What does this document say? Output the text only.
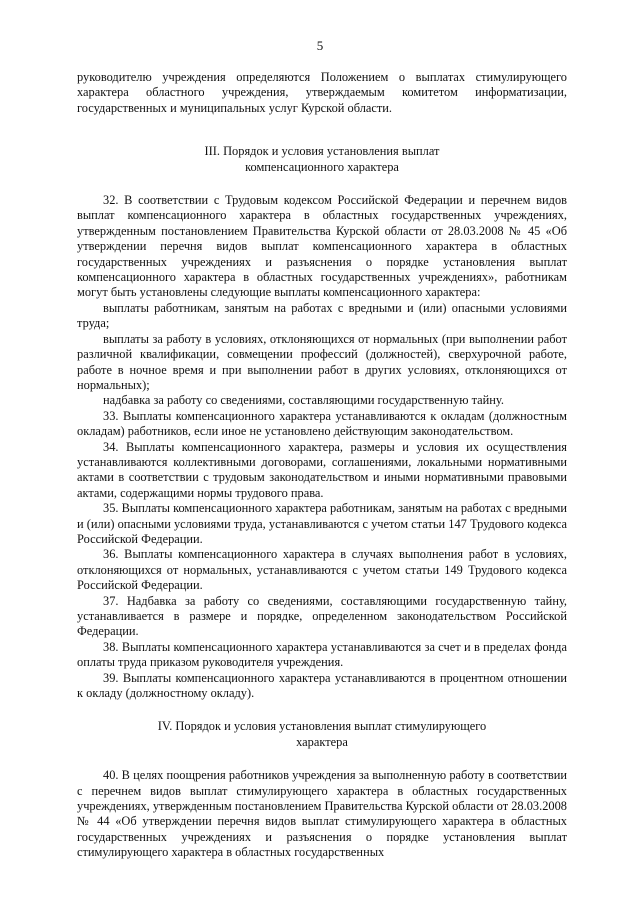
5

руководителю учреждения определяются Положением о выплатах стимулирующего характера областного учреждения, утверждаемым комитетом информатизации, государственных и муниципальных услуг Курской области.

III. Порядок и условия установления выплат
компенсационного характера

32. В соответствии с Трудовым кодексом Российской Федерации и перечнем видов выплат компенсационного характера в областных государственных учреждениях, утвержденным постановлением Правительства Курской области от 28.03.2008 № 45 «Об утверждении перечня видов выплат компенсационного характера в областных государственных учреждениях и разъяснения о порядке установления выплат компенсационного характера в областных государственных учреждениях», работникам могут быть установлены следующие выплаты компенсационного характера:

выплаты работникам, занятым на работах с вредными и (или) опасными условиями труда;

выплаты за работу в условиях, отклоняющихся от нормальных (при выполнении работ различной квалификации, совмещении профессий (должностей), сверхурочной работе, работе в ночное время и при выполнении работ в других условиях, отклоняющихся от нормальных);

надбавка за работу со сведениями, составляющими государственную тайну.

33. Выплаты компенсационного характера устанавливаются к окладам (должностным окладам) работников, если иное не установлено действующим законодательством.

34. Выплаты компенсационного характера, размеры и условия их осуществления устанавливаются коллективными договорами, соглашениями, локальными нормативными актами в соответствии с трудовым законодательством и иными нормативными правовыми актами, содержащими нормы трудового права.

35. Выплаты компенсационного характера работникам, занятым на работах с вредными и (или) опасными условиями труда, устанавливаются с учетом статьи 147 Трудового кодекса Российской Федерации.

36. Выплаты компенсационного характера в случаях выполнения работ в условиях, отклоняющихся от нормальных, устанавливаются с учетом статьи 149 Трудового кодекса Российской Федерации.

37. Надбавка за работу со сведениями, составляющими государственную тайну, устанавливается в размере и порядке, определенном законодательством Российской Федерации.

38. Выплаты компенсационного характера устанавливаются за счет и в пределах фонда оплаты труда приказом руководителя учреждения.

39. Выплаты компенсационного характера устанавливаются в процентном отношении к окладу (должностному окладу).

IV. Порядок и условия установления выплат стимулирующего
характера

40. В целях поощрения работников учреждения за выполненную работу в соответствии с перечнем видов выплат стимулирующего характера в областных государственных учреждениях, утвержденным постановлением Правительства Курской области от 28.03.2008 № 44 «Об утверждении перечня видов выплат стимулирующего характера в областных государственных учреждениях и разъяснения о порядке установления выплат стимулирующего характера в областных государственных
